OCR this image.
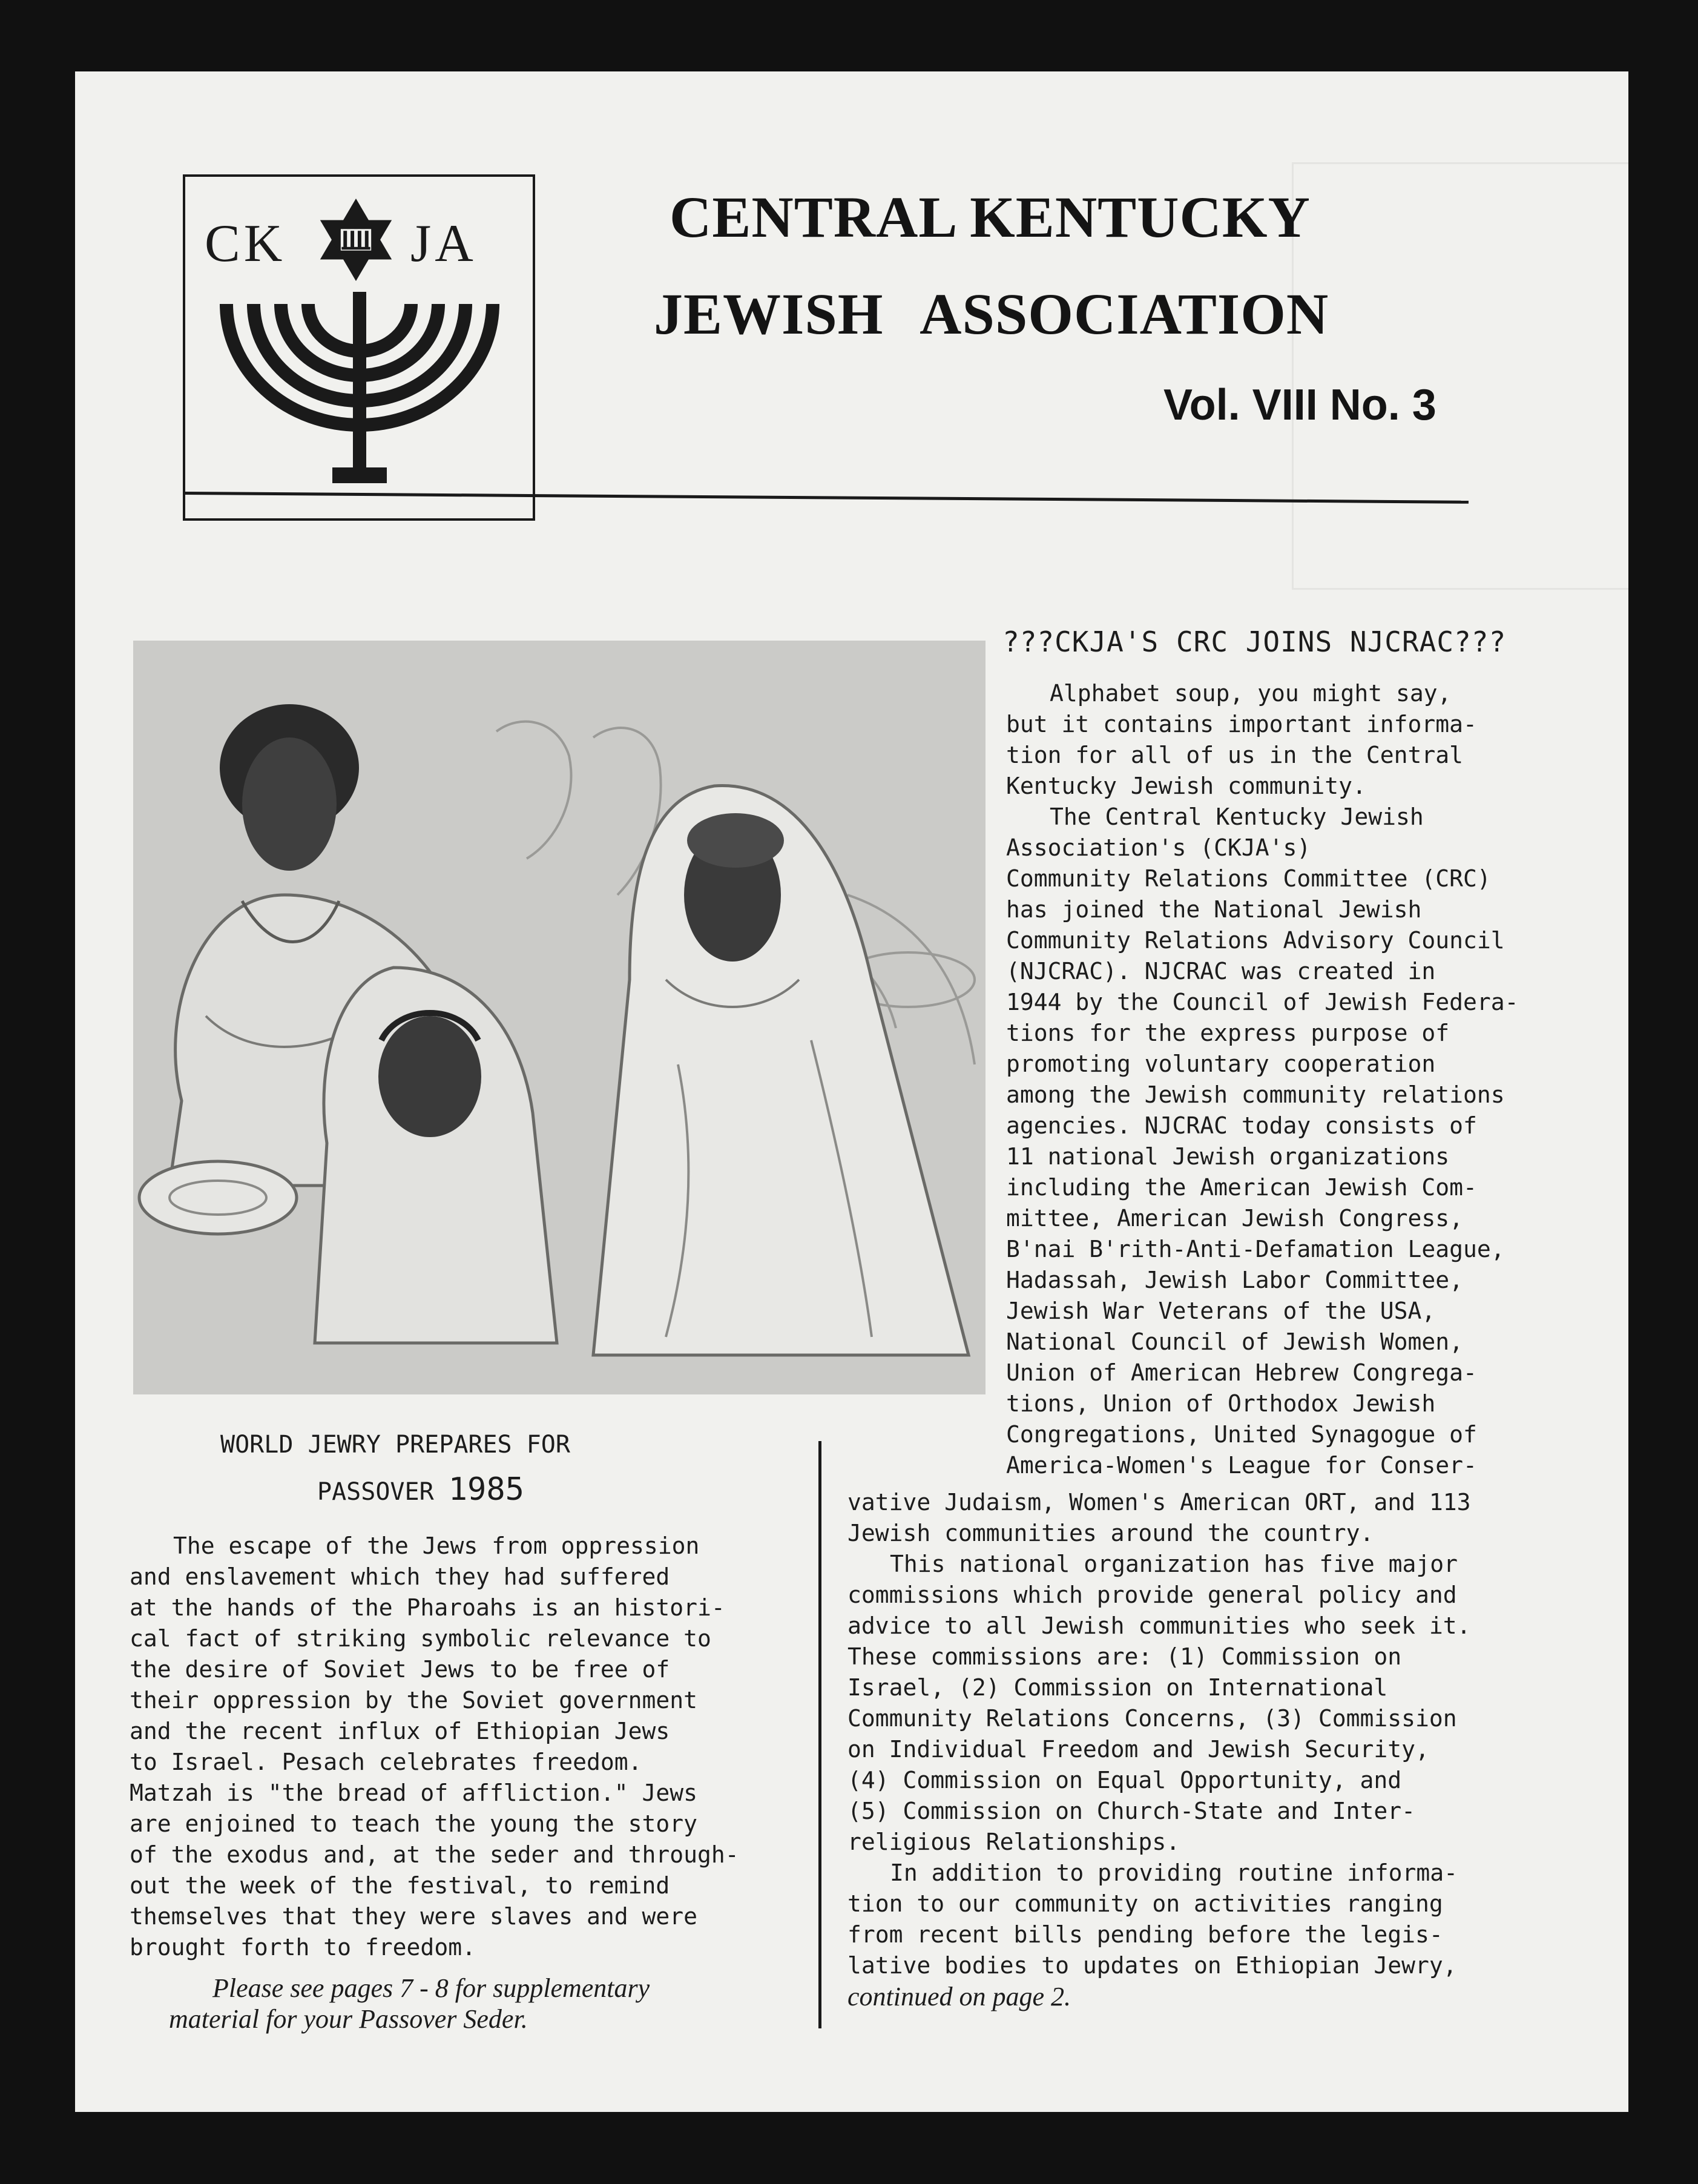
CK JA	CENTRAL KENTUCKY
JEWISH ASSOCIATION
Vol. VIII No. 3
WORLD JEWRY PREPARES FOR
PASSOVER 1985
The escape of the Jews from oppression
and enslavement which they had suffered
at the hands of the Pharoahs is an histori-
cal fact of striking symbolic relevance to
the desire of Soviet Jews to be free of
their oppression by the Soviet government
and the recent influx of Ethiopian Jews
to Israel. Pesach celebrates freedom.
Matzah is "the bread of affliction." Jews
are enjoined to teach the young the story
of the exodus and, at the seder and through-
out the week of the festival, to remind
themselves that they were slaves and were
brought forth to freedom.
Please see pages 7 - 8 for supplementary
material for your Passover Seder.
???CKJA'S CRC JOINS NJCRAC???
Alphabet soup, you might say,
but it contains important informa-
tion for all of us in the Central
Kentucky Jewish community.
The Central Kentucky Jewish
Association's (CKJA's)
Community Relations Committee (CRC)
has joined the National Jewish
Community Relations Advisory Council
(NJCRAC). NJCRAC was created in
1944 by the Council of Jewish Federa-
tions for the express purpose of
promoting voluntary cooperation
among the Jewish community relations
agencies. NJCRAC today consists of
11 national Jewish organizations
including the American Jewish Com-
mittee, American Jewish Congress,
B'nai B'rith-Anti-Defamation League,
Hadassah, Jewish Labor Committee,
Jewish War Veterans of the USA,
National Council of Jewish Women,
Union of American Hebrew Congrega-
tions, Union of Orthodox Jewish
Congregations, United Synagogue of
America-Women's League for Conser-
vative Judaism, Women's American ORT, and 113
Jewish communities around the country.
This national organization has five major
commissions which provide general policy and
advice to all Jewish communities who seek it.
These commissions are: (1) Commission on
Israel, (2) Commission on International
Community Relations Concerns, (3) Commission
on Individual Freedom and Jewish Security,
(4) Commission on Equal Opportunity, and
(5) Commission on Church-State and Inter-
religious Relationships.
In addition to providing routine informa-
tion to our community on activities ranging
from recent bills pending before the legis-
lative bodies to updates on Ethiopian Jewry,
continued on page 2.
